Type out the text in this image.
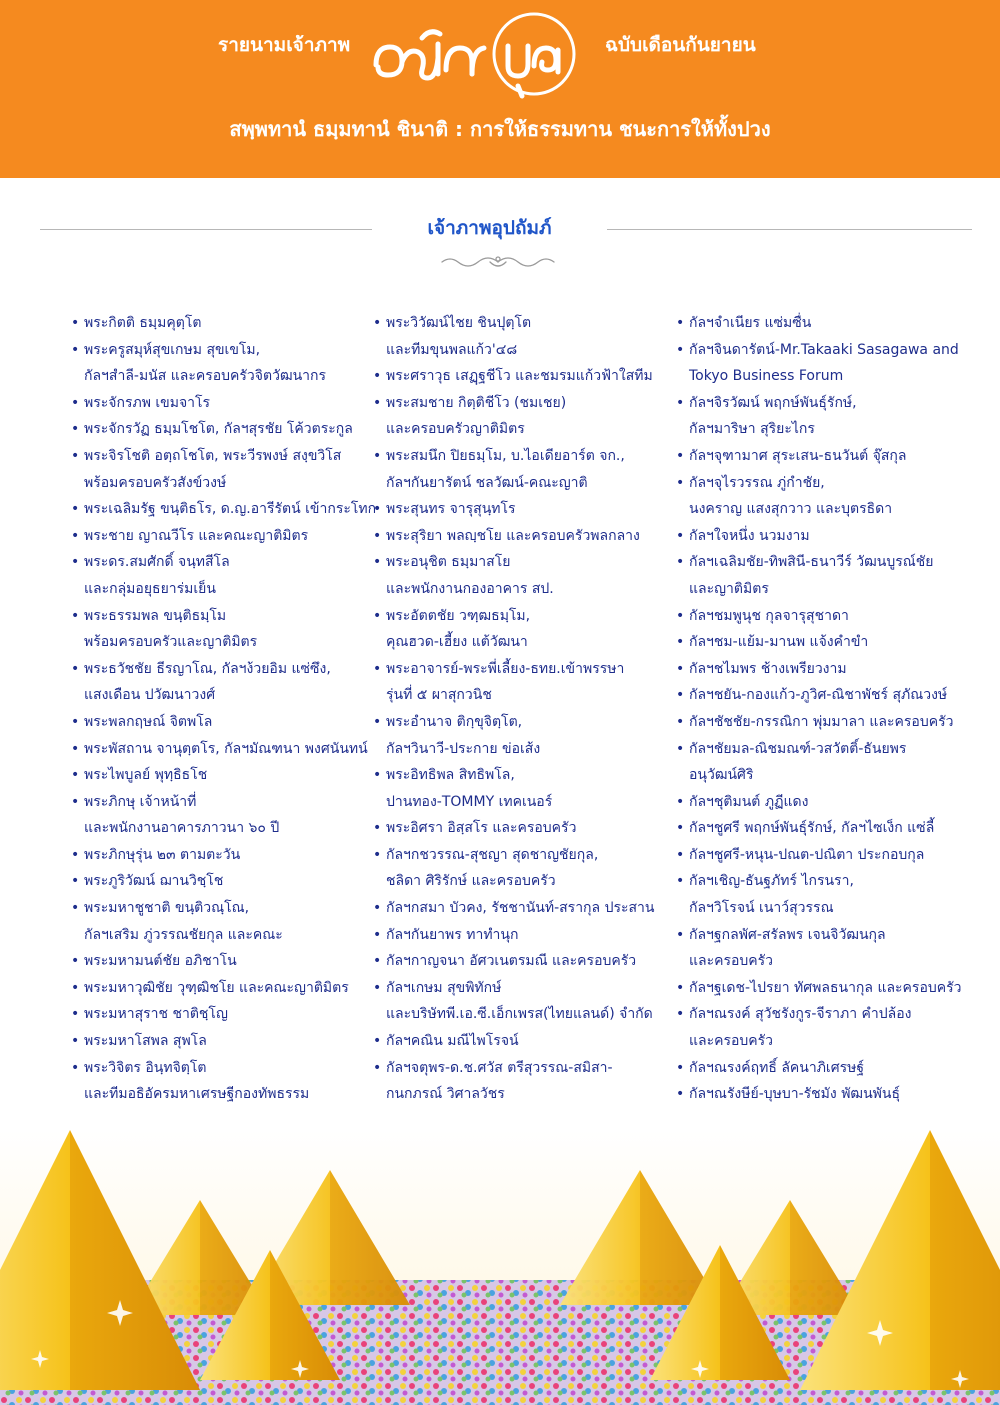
รายนามเจ้าภาพ	ฉบับเดือนกันยายน
สพฺพทานํ ธมฺมทานํ ชินาติ : การให้ธรรมทาน ชนะการให้ทั้งปวง
เจ้าภาพอุปถัมภ์
• พระกิตติ ธมฺมคุตฺโต
• พระครูสมุห์สุขเกษม สุขเขโม,
กัลฯสำลี-มนัส และครอบครัวจิตวัฒนากร
• พระจักรภพ เขมจาโร
• พระจักรวัฏ ธมฺมโชโต, กัลฯสุรชัย โค้วตระกูล
• พระจิรโชติ อตฺถโชโต, พระวีรพงษ์ สงฺขวิโส
พร้อมครอบครัวสังข์วงษ์
• พระเฉลิมรัฐ ขนฺติธโร, ด.ญ.อารีรัตน์ เข้ากระโทก
• พระชาย ญาณวีโร และคณะญาติมิตร
• พระดร.สมศักดิ์ จนฺทสีโล
และกลุ่มอยุธยาร่มเย็น
• พระธรรมพล ขนฺติธมฺโม
พร้อมครอบครัวและญาติมิตร
• พระธวัชชัย ธีรญาโณ, กัลฯง้วยอิม แซ่ซึง,
แสงเดือน ปวัฒนาวงศ์
• พระพลกฤษณ์ จิตพโล
• พระพัสถาน จานุตฺตโร, กัลฯมัณฑนา พงศนันทน์
• พระไพบูลย์ พุทฺธิธโช
• พระภิกษุ เจ้าหน้าที่
และพนักงานอาคารภาวนา ๖๐ ปี
• พระภิกษุรุ่น ๒๓ ตามตะวัน
• พระภูริวัฒน์ ฌานวิชฺโช
• พระมหาชูชาติ ขนฺติวณฺโณ,
กัลฯเสริม ภู่วรรณชัยกุล และคณะ
• พระมหามนต์ชัย อภิชาโน
• พระมหาวุฒิชัย วุฑฺฒิชโย และคณะญาติมิตร
• พระมหาสุราช ชาติชฺโญ
• พระมหาโสพล สุพโล
• พระวิจิตร อินฺทจิตฺโต
และทีมอธิอัครมหาเศรษฐีกองทัพธรรม
• พระวิวัฒน์ไชย ชินปุตฺโต
และทีมขุนพลแก้ว'๔๘
• พระศราวุธ เสฏฺฐชีโว และชมรมแก้วฟ้าใสทีม
• พระสมชาย กิตฺติชีโว (ชมเชย)
และครอบครัวญาติมิตร
• พระสมนึก ปิยธมฺโม, บ.ไอเดียอาร์ต จก.,
กัลฯกันยารัตน์ ชลวัฒน์-คณะญาติ
• พระสุนทร จารุสุนฺทโร
• พระสุริยา พลญฺชโย และครอบครัวพลกลาง
• พระอนุชิต ธมฺมาสโย
และพนักงานกองอาคาร สป.
• พระอัตตชัย วฑฺฒธมฺโม,
คุณฮวด-เฮี้ยง แต้วัฒนา
• พระอาจารย์-พระพี่เลี้ยง-ธทย.เข้าพรรษา
รุ่นที่ ๕ ผาสุกวนิช
• พระอำนาจ ติกฺขุจิตฺโต,
กัลฯวินาวี-ประกาย ข่อเส้ง
• พระอิทธิพล สิทธิพโล,
ปานทอง-TOMMY เทคเนอร์
• พระอิศรา อิสฺสโร และครอบครัว
• กัลฯกชวรรณ-สุชญา สุดชาญชัยกุล,
ชลิดา ศิริรักษ์ และครอบครัว
• กัลฯกสมา บัวคง, รัชชานันท์-สรากุล ประสาน
• กัลฯกันยาพร ทาทำนุก
• กัลฯกาญจนา อัศวเนตรมณี และครอบครัว
• กัลฯเกษม สุขพิทักษ์
และบริษัทพี.เอ.ซี.เอ็กเพรส(ไทยแลนด์) จำกัด
• กัลฯคณิน มณีไพโรจน์
• กัลฯจตุพร-ด.ช.ศวัส ตรีสุวรรณ-สมิสา-
กนกภรณ์ วิศาลวัชร
• กัลฯจำเนียร แซ่มซื่น
• กัลฯจินดารัตน์-Mr.Takaaki Sasagawa and
Tokyo Business Forum
• กัลฯจิรวัฒน์ พฤกษ์พันธุ์รักษ์,
กัลฯมาริษา สุริยะไกร
• กัลฯจุฑามาศ สุระเสน-ธนวันต์ จุ๊สกุล
• กัลฯจุไรวรรณ ภู่กำชัย,
นงคราญ แสงสุกวาว และบุตรธิดา
• กัลฯใจหนึ่ง นวมงาม
• กัลฯเฉลิมชัย-ทิพสินี-ธนาวีร์ วัฒนบูรณ์ชัย
และญาติมิตร
• กัลฯชมพูนุช กุลจารุสุชาดา
• กัลฯชม-แย้ม-มานพ แจ้งคำขำ
• กัลฯชไมพร ช้างเพรียวงาม
• กัลฯชยัน-กองแก้ว-ภูวิศ-ณิชาพัชร์ สุภัณวงษ์
• กัลฯชัชชัย-กรรณิกา พุ่มมาลา และครอบครัว
• กัลฯชัยมล-ณิชมณฑ์-วสวัตติ์-ธันยพร
อนุวัฒน์ศิริ
• กัลฯชุติมนต์ ภูฏีแดง
• กัลฯชูศรี พฤกษ์พันธุ์รักษ์, กัลฯไซเง็ก แซ่ลี้
• กัลฯชูศรี-หนุน-ปณต-ปณิตา ประกอบกุล
• กัลฯเชิญ-ธันฐภัทร์ ไกรนรา,
กัลฯวิโรจน์ เนาว์สุวรรณ
• กัลฯฐกลพัศ-สรัลพร เจนจิวัฒนกุล
และครอบครัว
• กัลฯฐเดช-ไปรยา ทัศพลธนากุล และครอบครัว
• กัลฯณรงค์ สุวัชรังกูร-จีราภา คำปล้อง
และครอบครัว
• กัลฯณรงค์ฤทธิ์ ลัคนาภิเศรษฐ์
• กัลฯณรังษีย์-บุษบา-รัชมัง พัฒนพันธุ์
